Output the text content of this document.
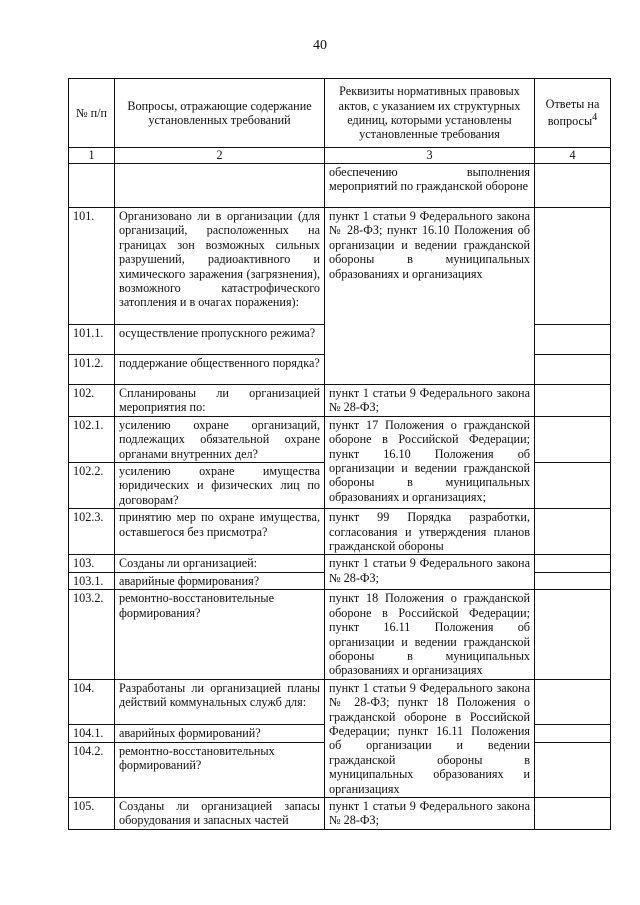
40
№ п/п	Вопросы, отражающие содержание установленных требований	Реквизиты нормативных правовых актов, с указанием их структурных единиц, которыми установлены установленные требования	Ответы на вопросы$^4$
1	2	3	4
		обеспечению выполнения мероприятий по гражданской обороне	
101.	Организовано ли в организации (для организаций, расположенных на границах зон возможных сильных разрушений, радиоактивного и химического заражения (загрязнения), возможного катастрофического затопления и в очагах поражения):	пункт 1 статьи 9 Федерального закона № 28-ФЗ; пункт 16.10 Положения об организации и ведении гражданской обороны в муниципальных образованиях и организациях	
101.1.	осуществление пропускного режима?		
101.2.	поддержание общественного порядка?		
102.	Спланированы ли организацией мероприятия по:	пункт 1 статьи 9 Федерального закона № 28-ФЗ;	
102.1.	усилению охране организаций, подлежащих обязательной охране органами внутренних дел?	пункт 17 Положения о гражданской обороне в Российской Федерации; пункт 16.10 Положения об организации и ведении гражданской обороны в муниципальных образованиях и организациях;	
102.2.	усилению охране имущества юридических и физических лиц по договорам?		
102.3.	принятию мер по охране имущества, оставшегося без присмотра?	пункт 99 Порядка разработки, согласования и утверждения планов гражданской обороны	
103.	Созданы ли организацией:	пункт 1 статьи 9 Федерального закона № 28-ФЗ;	
103.1.	аварийные формирования?		
103.2.	ремонтно-восстановительные формирования?	пункт 18 Положения о гражданской обороне в Российской Федерации; пункт 16.11 Положения об организации и ведении гражданской обороны в муниципальных образованиях и организациях	
104.	Разработаны ли организацией планы действий коммунальных служб для:	пункт 1 статьи 9 Федерального закона № 28-ФЗ; пункт 18 Положения о гражданской обороне в Российской Федерации; пункт 16.11 Положения об организации и ведении гражданской обороны в муниципальных образованиях и организациях	
104.1.	аварийных формирований?		
104.2.	ремонтно-восстановительных формирований?		
105.	Созданы ли организацией запасы оборудования и запасных частей	пункт 1 статьи 9 Федерального закона № 28-ФЗ;	
